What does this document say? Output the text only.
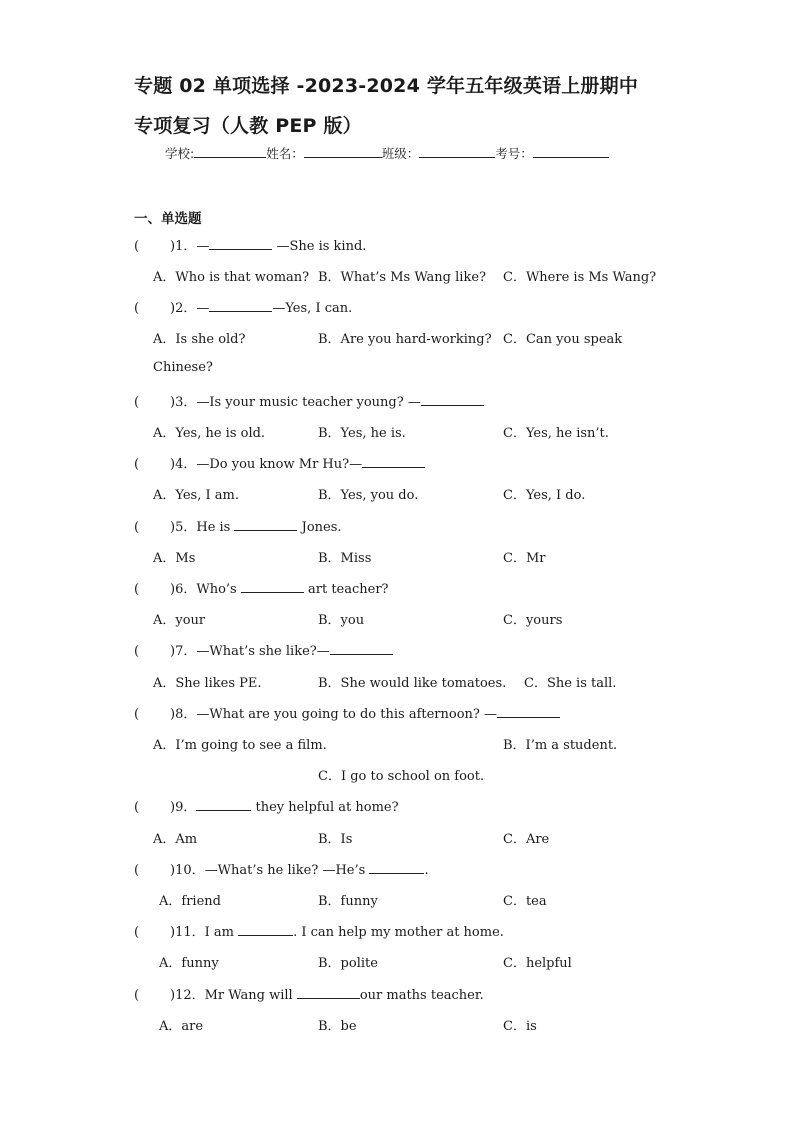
专题 02 单项选择 -2023-2024 学年五年级英语上册期中
专项复习（人教 PEP 版）
学校:	姓名：	班级：	考号：
一、单选题
( )1．—	—She is kind.
A．Who is that woman? B．What’s Ms Wang like? C．Where is Ms Wang?
( )2．—	—Yes, I can.
A．Is she old?	B．Are you hard-working? C．Can you speak
Chinese?
( )3．—Is your music teacher young? —
A．Yes, he is old.	B．Yes, he is.	C．Yes, he isn’t.
( )4．—Do you know Mr Hu?—
A．Yes, I am.	B．Yes, you do.	C．Yes, I do.
( )5．He is	Jones.
A．Ms	B．Miss	C．Mr
( )6．Who’s	art teacher?
A．your	B．you	C．yours
( )7．—What’s she like?—
A．She likes PE.	B．She would like tomatoes. C．She is tall.
( )8．—What are you going to do this afternoon? —
A．I’m going to see a film.	B．I’m a student.
C．I go to school on foot.
( )9．	they helpful at home?
A．Am	B．Is	C．Are
( )10．—What’s he like? —He’s	.
A．friend	B．funny	C．tea
( )11．I am	. I can help my mother at home.
A．funny	B．polite	C．helpful
( )12．Mr Wang will	our maths teacher.
A．are	B．be	C．is
